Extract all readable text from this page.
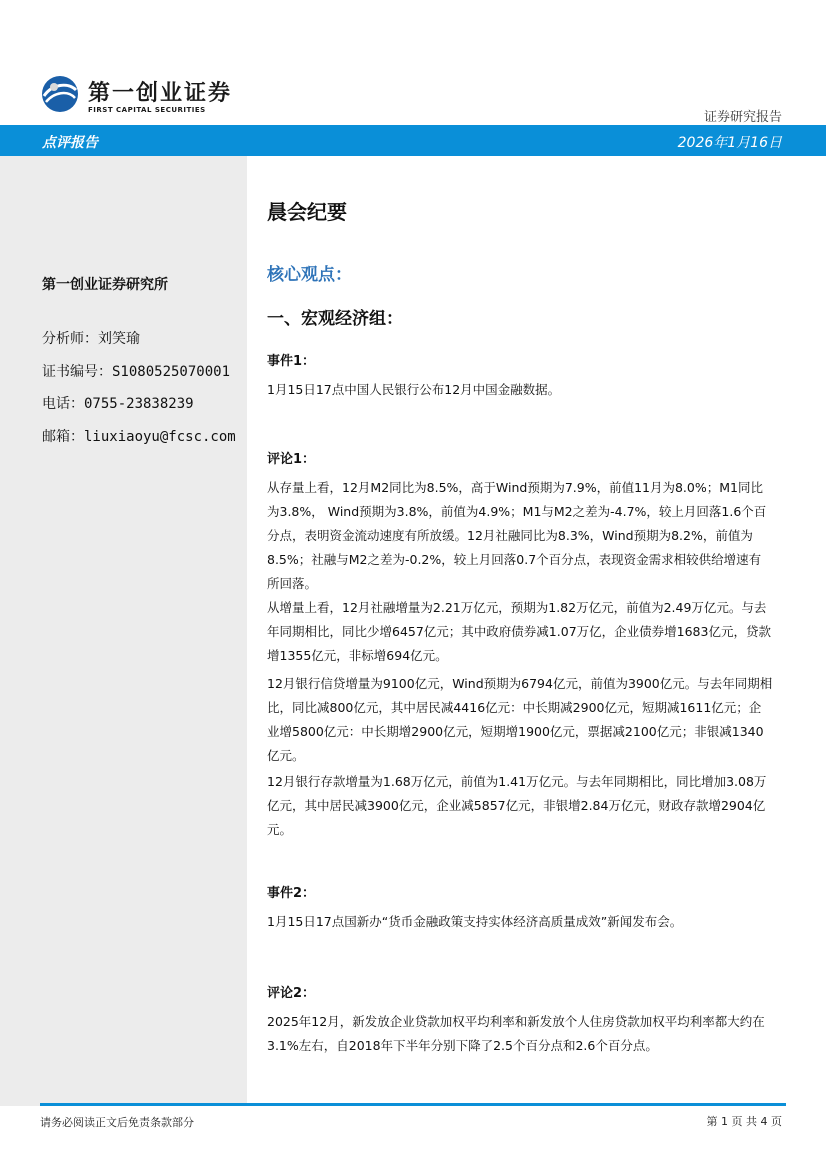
第一创业证券
FIRST CAPITAL SECURITIES	证券研究报告
点评报告	2026年1月16日
第一创业证券研究所
分析师：刘笑瑜
证书编号：S1080525070001
电话：0755-23838239
邮箱：liuxiaoyu@fcsc.com
晨会纪要
核心观点：
一、宏观经济组：
事件1：
1月15日17点中国人民银行公布12月中国金融数据。
评论1：
从存量上看，12月M2同比为8.5%，高于Wind预期为7.9%，前值11月为8.0%；M1同比为3.8%， Wind预期为3.8%，前值为4.9%；M1与M2之差为-4.7%，较上月回落1.6个百分点，表明资金流动速度有所放缓。12月社融同比为8.3%，Wind预期为8.2%，前值为8.5%；社融与M2之差为-0.2%，较上月回落0.7个百分点，表现资金需求相较供给增速有所回落。
从增量上看，12月社融增量为2.21万亿元，预期为1.82万亿元，前值为2.49万亿元。与去年同期相比，同比少增6457亿元；其中政府债券减1.07万亿，企业债券增1683亿元，贷款增1355亿元，非标增694亿元。
12月银行信贷增量为9100亿元，Wind预期为6794亿元，前值为3900亿元。与去年同期相比，同比减800亿元，其中居民减4416亿元：中长期减2900亿元，短期减1611亿元；企业增5800亿元：中长期增2900亿元，短期增1900亿元，票据减2100亿元；非银减1340亿元。
12月银行存款增量为1.68万亿元，前值为1.41万亿元。与去年同期相比，同比增加3.08万亿元，其中居民减3900亿元，企业减5857亿元，非银增2.84万亿元，财政存款增2904亿元。
事件2：
1月15日17点国新办“货币金融政策支持实体经济高质量成效”新闻发布会。
评论2：
2025年12月，新发放企业贷款加权平均利率和新发放个人住房贷款加权平均利率都大约在3.1%左右，自2018年下半年分别下降了2.5个百分点和2.6个百分点。
请务必阅读正文后免责条款部分	第 1 页 共 4 页
